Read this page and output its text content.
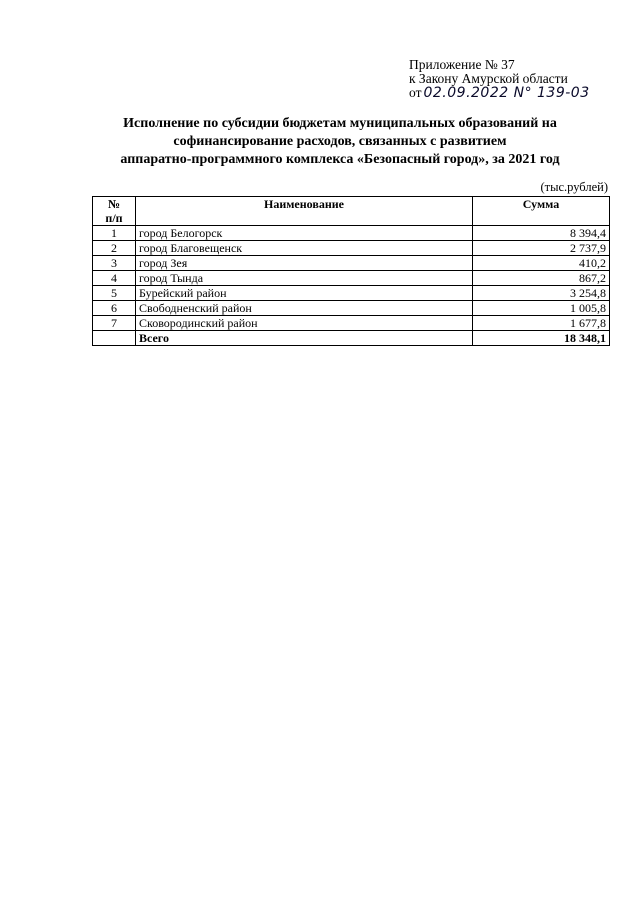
Приложение № 37
к Закону Амурской области
от 02.09.2022 N° 139-03
Исполнение по субсидии бюджетам муниципальных образований на
софинансирование расходов, связанных с развитием
аппаратно-программного комплекса «Безопасный город», за 2021 год
(тыс.рублей)
№
п/п	Наименование	Сумма
1	город Белогорск	8 394,4
2	город Благовещенск	2 737,9
3	город Зея	410,2
4	город Тында	867,2
5	Бурейский район	3 254,8
6	Свободненский район	1 005,8
7	Сковородинский район	1 677,8
	Всего	18 348,1
